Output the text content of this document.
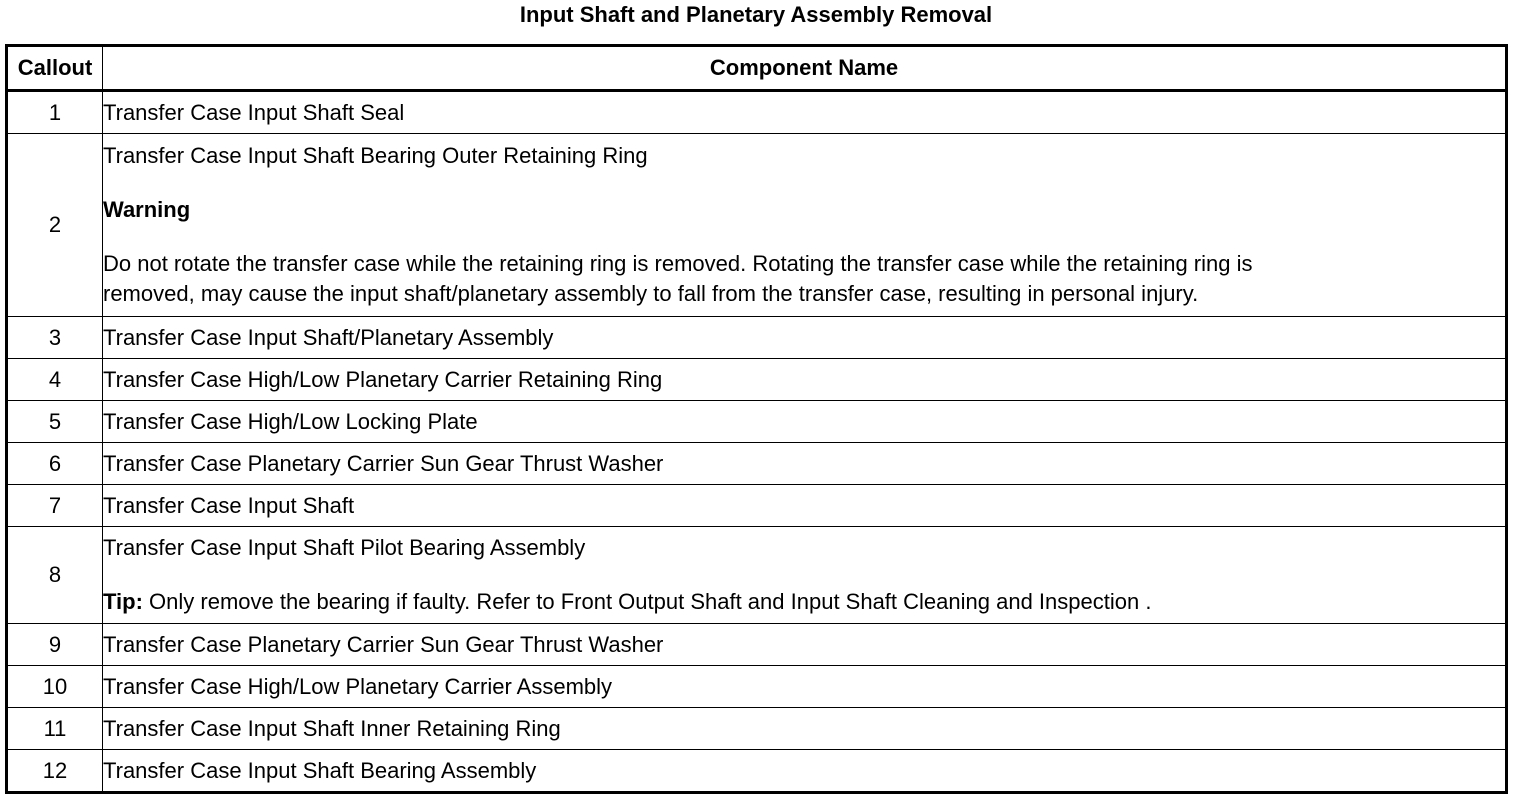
Input Shaft and Planetary Assembly Removal
Callout	Component Name
1	Transfer Case Input Shaft Seal
2	Transfer Case Input Shaft Bearing Outer Retaining Ring

Warning

Do not rotate the transfer case while the retaining ring is removed. Rotating the transfer case while the retaining ring is

removed, may cause the input shaft/planetary assembly to fall from the transfer case, resulting in personal injury.

3	Transfer Case Input Shaft/Planetary Assembly
4	Transfer Case High/Low Planetary Carrier Retaining Ring
5	Transfer Case High/Low Locking Plate
6	Transfer Case Planetary Carrier Sun Gear Thrust Washer
7	Transfer Case Input Shaft
8	Transfer Case Input Shaft Pilot Bearing Assembly

Tip: Only remove the bearing if faulty. Refer to Front Output Shaft and Input Shaft Cleaning and Inspection .

9	Transfer Case Planetary Carrier Sun Gear Thrust Washer
10	Transfer Case High/Low Planetary Carrier Assembly
11	Transfer Case Input Shaft Inner Retaining Ring
12	Transfer Case Input Shaft Bearing Assembly
